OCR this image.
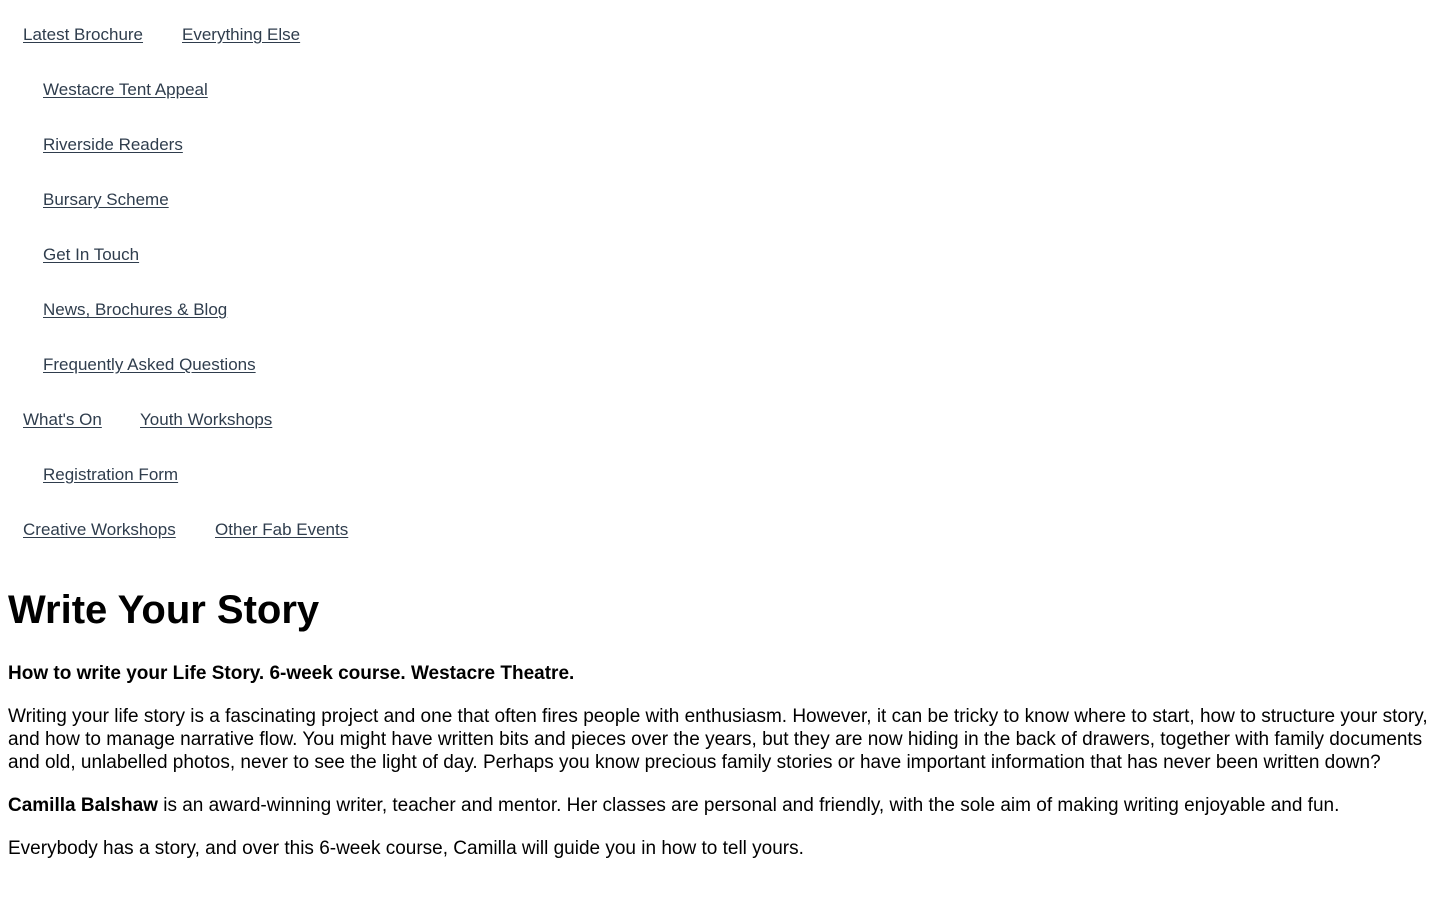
Latest Brochure Everything Else
Westacre Tent Appeal
Riverside Readers
Bursary Scheme
Get In Touch
News, Brochures & Blog
Frequently Asked Questions
What's On Youth Workshops
Registration Form
Creative Workshops Other Fab Events
Write Your Story

How to write your Life Story. 6-week course. Westacre Theatre.

Writing your life story is a fascinating project and one that often fires people with enthusiasm. However, it can be tricky to know where to start, how to structure your story, and how to manage narrative flow. You might have written bits and pieces over the years, but they are now hiding in the back of drawers, together with family documents and old, unlabelled photos, never to see the light of day. Perhaps you know precious family stories or have important information that has never been written down?

Camilla Balshaw is an award-winning writer, teacher and mentor. Her classes are personal and friendly, with the sole aim of making writing enjoyable and fun.

Everybody has a story, and over this 6-week course, Camilla will guide you in how to tell yours.
